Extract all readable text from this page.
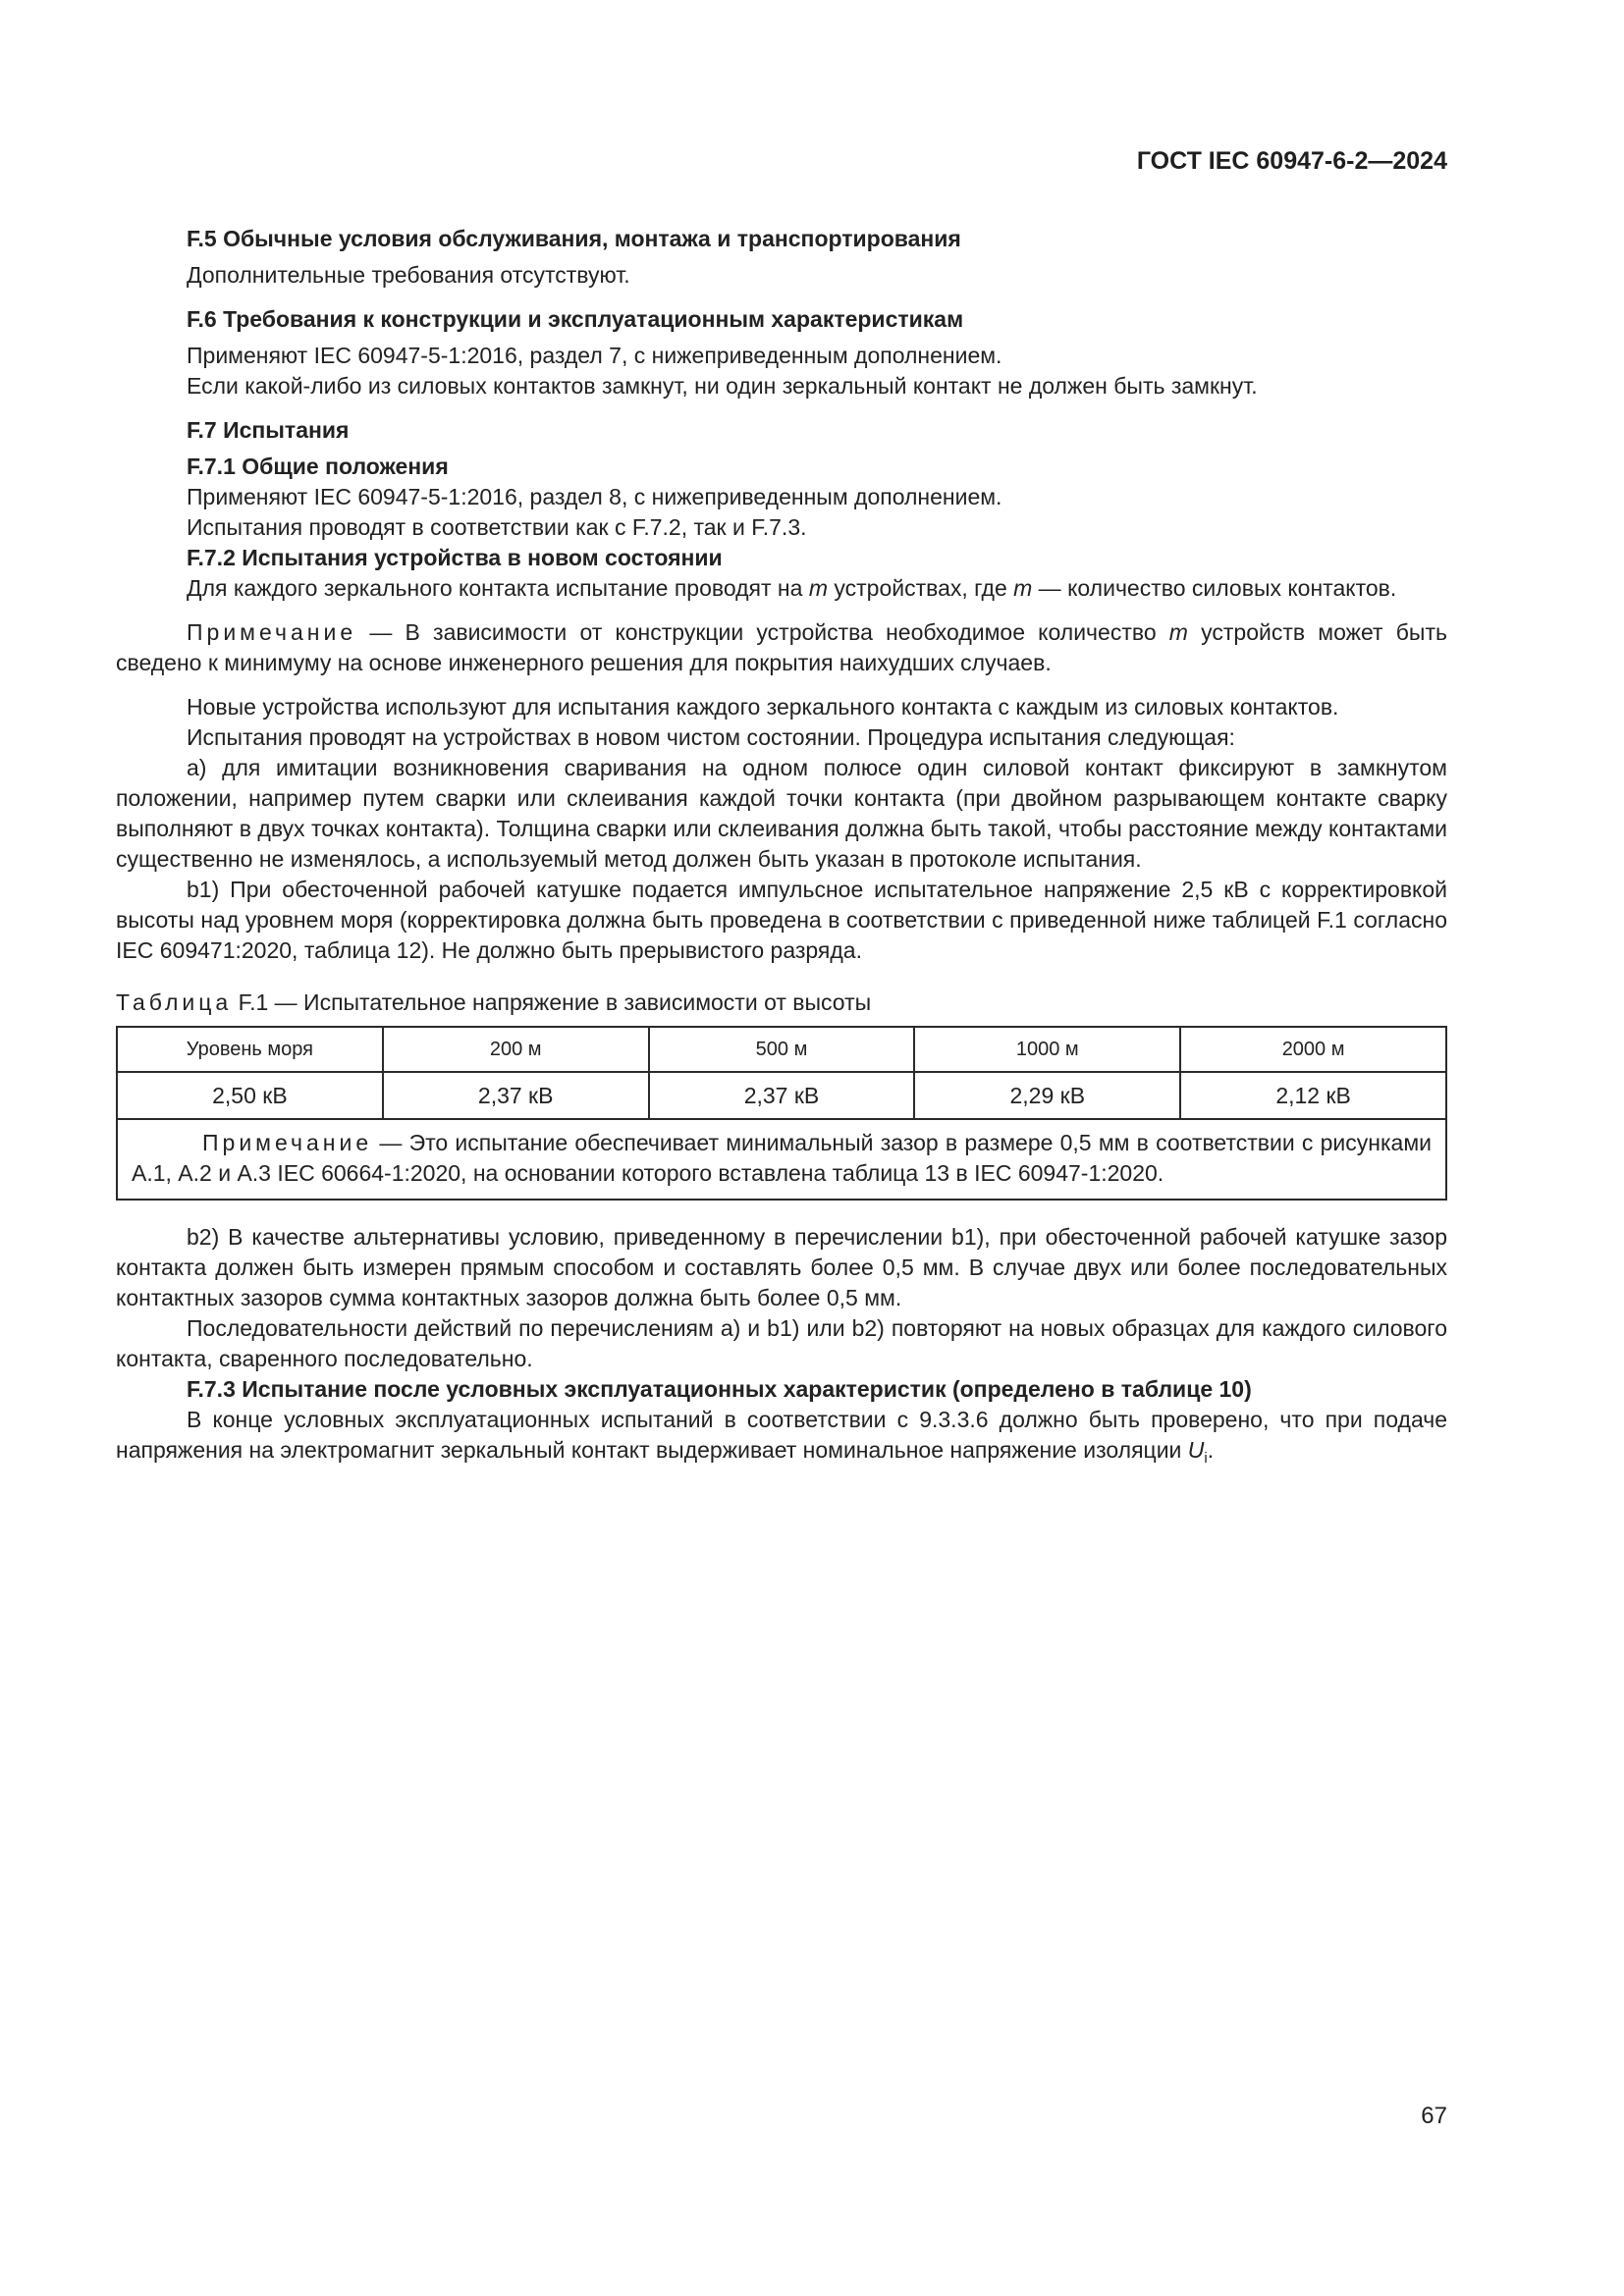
ГОСТ IEC 60947-6-2—2024

F.5 Обычные условия обслуживания, монтажа и транспортирования

Дополнительные требования отсутствуют.

F.6 Требования к конструкции и эксплуатационным характеристикам

Применяют IEC 60947-5-1:2016, раздел 7, с нижеприведенным дополнением.

Если какой-либо из силовых контактов замкнут, ни один зеркальный контакт не должен быть замкнут.

F.7 Испытания

F.7.1 Общие положения

Применяют IEC 60947-5-1:2016, раздел 8, с нижеприведенным дополнением.

Испытания проводят в соответствии как с F.7.2, так и F.7.3.

F.7.2 Испытания устройства в новом состоянии

Для каждого зеркального контакта испытание проводят на m устройствах, где m — количество силовых контактов.

Примечание — В зависимости от конструкции устройства необходимое количество m устройств может быть сведено к минимуму на основе инженерного решения для покрытия наихудших случаев.

Новые устройства используют для испытания каждого зеркального контакта с каждым из силовых контактов.

Испытания проводят на устройствах в новом чистом состоянии. Процедура испытания следующая:

а) для имитации возникновения сваривания на одном полюсе один силовой контакт фиксируют в замкнутом положении, например путем сварки или склеивания каждой точки контакта (при двойном разрывающем контакте сварку выполняют в двух точках контакта). Толщина сварки или склеивания должна быть такой, чтобы расстояние между контактами существенно не изменялось, а используемый метод должен быть указан в протоколе испытания.

b1) При обесточенной рабочей катушке подается импульсное испытательное напряжение 2,5 кВ с корректировкой высоты над уровнем моря (корректировка должна быть проведена в соответствии с приведенной ниже таблицей F.1 согласно IEC 609471:2020, таблица 12). Не должно быть прерывистого разряда.

Таблица F.1 — Испытательное напряжение в зависимости от высоты

Уровень моря	200 м	500 м	1000 м	2000 м
2,50 кВ	2,37 кВ	2,37 кВ	2,29 кВ	2,12 кВ

Примечание — Это испытание обеспечивает минимальный зазор в размере 0,5 мм в соответствии с рисунками А.1, А.2 и А.3 IEC 60664-1:2020, на основании которого вставлена таблица 13 в IEC 60947-1:2020.				

b2) В качестве альтернативы условию, приведенному в перечислении b1), при обесточенной рабочей катушке зазор контакта должен быть измерен прямым способом и составлять более 0,5 мм. В случае двух или более последовательных контактных зазоров сумма контактных зазоров должна быть более 0,5 мм.

Последовательности действий по перечислениям а) и b1) или b2) повторяют на новых образцах для каждого силового контакта, сваренного последовательно.

F.7.3 Испытание после условных эксплуатационных характеристик (определено в таблице 10)

В конце условных эксплуатационных испытаний в соответствии с 9.3.3.6 должно быть проверено, что при подаче напряжения на электромагнит зеркальный контакт выдерживает номинальное напряжение изоляции $U_i$.

67
